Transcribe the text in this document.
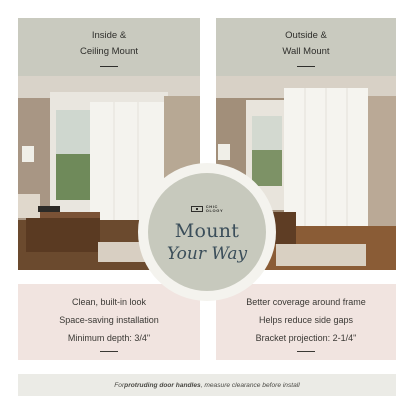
Inside &
Ceiling Mount
Outside &
Wall Mount
Clean, built-in look
Space-saving installation
Minimum depth: 3/4"
Better coverage around frame
Helps reduce side gaps
Bracket projection: 2-1/4"
For protruding door handles , measure clearance before install
CHIC
OLOGY
Mount
Your Way
